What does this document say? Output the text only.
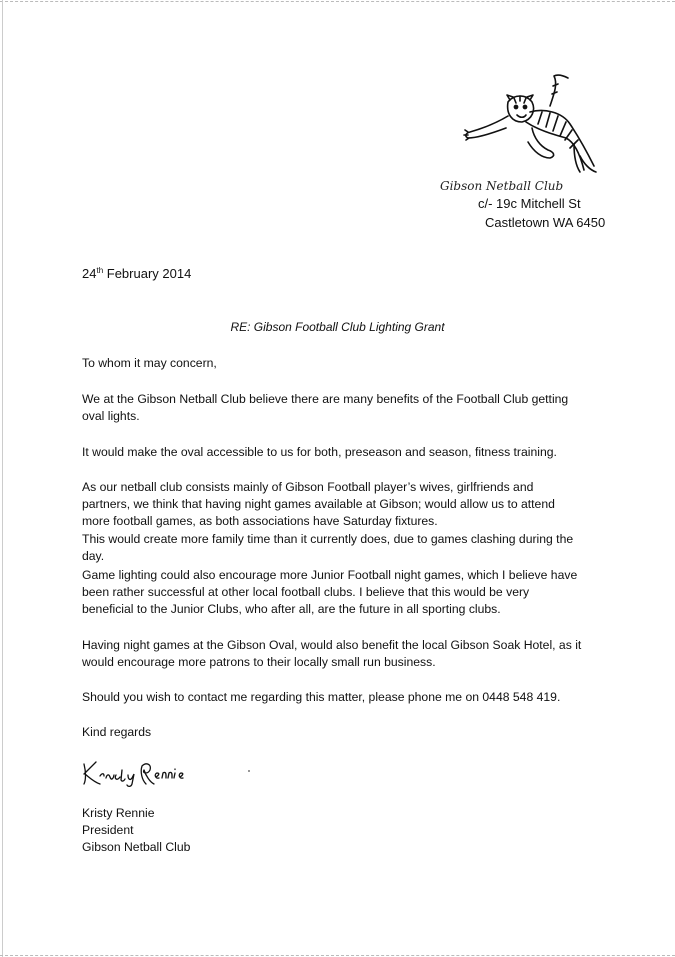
Gibson Netball Club
c/- 19c Mitchell St
Castletown WA 6450
24th February 2014
RE: Gibson Football Club Lighting Grant
To whom it may concern,
We at the Gibson Netball Club believe there are many benefits of the Football Club getting oval lights.
It would make the oval accessible to us for both, preseason and season, fitness training.
As our netball club consists mainly of Gibson Football player’s wives, girlfriends and partners, we think that having night games available at Gibson; would allow us to attend more football games, as both associations have Saturday fixtures.
This would create more family time than it currently does, due to games clashing during the day.
Game lighting could also encourage more Junior Football night games, which I believe have been rather successful at other local football clubs. I believe that this would be very beneficial to the Junior Clubs, who after all, are the future in all sporting clubs.
Having night games at the Gibson Oval, would also benefit the local Gibson Soak Hotel, as it would encourage more patrons to their locally small run business.
Should you wish to contact me regarding this matter, please phone me on 0448 548 419.
Kind regards
Kristy Rennie
President
Gibson Netball Club
